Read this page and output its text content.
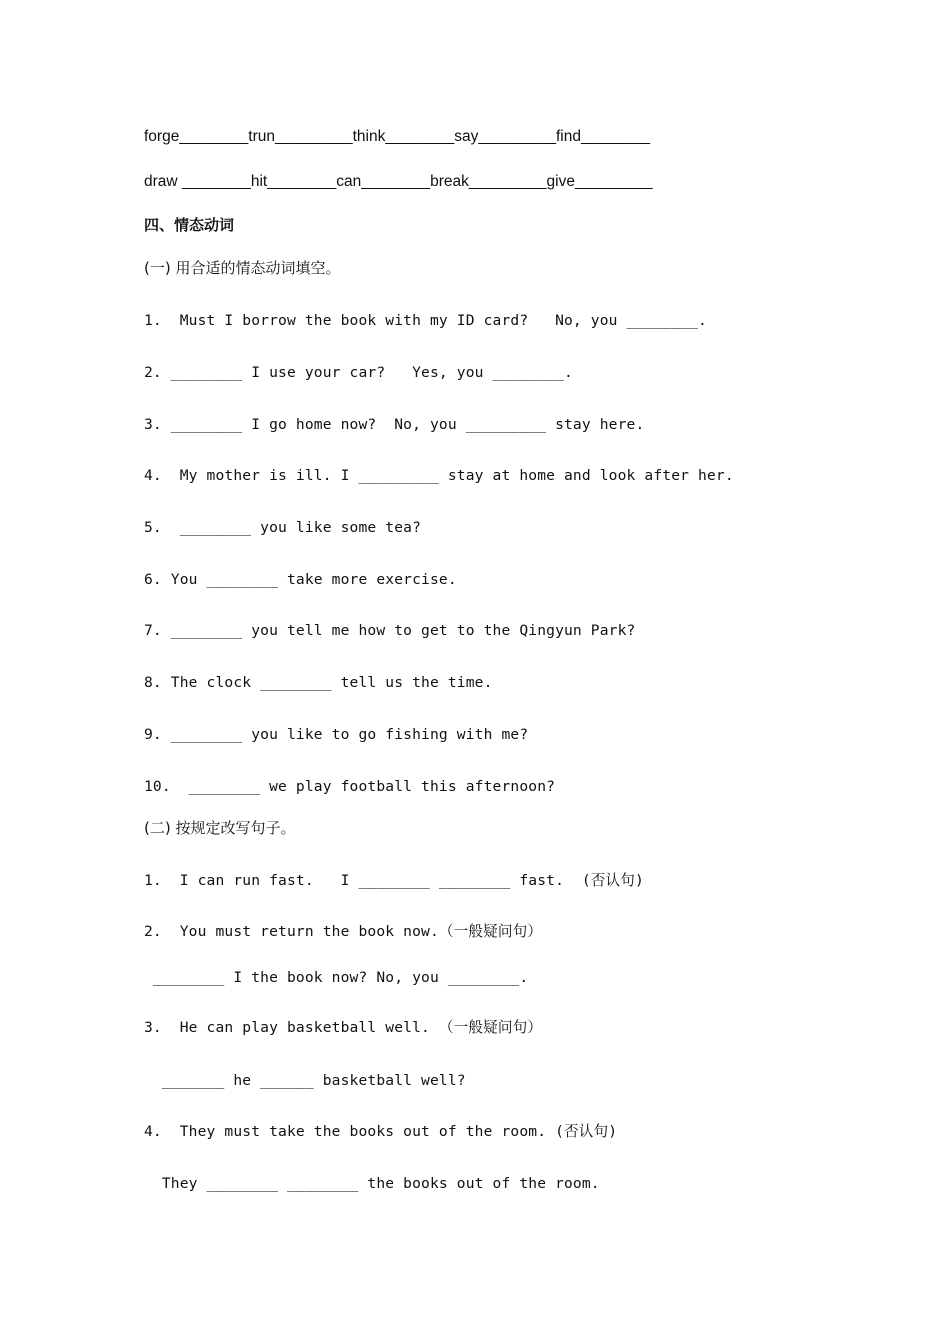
forge________trun_________think________say_________find________
draw ________hit________can________break_________give_________
四、情态动词
(一) 用合适的情态动词填空。
1.  Must I borrow the book with my ID card?   No, you ________.
2. ________ I use your car?   Yes, you ________.
3. ________ I go home now?  No, you _________ stay here.
4.  My mother is ill. I _________ stay at home and look after her.
5.  ________ you like some tea?
6. You ________ take more exercise.
7. ________ you tell me how to get to the Qingyun Park?
8. The clock ________ tell us the time.
9. ________ you like to go fishing with me?
10.  ________ we play football this afternoon?
(二) 按规定改写句子。
1.  I can run fast.   I ________ ________ fast.  (否认句)
2.  You must return the book now.（一般疑问句）
________ I the book now? No, you ________.
3.  He can play basketball well. （一般疑问句）
_______ he ______ basketball well?
4.  They must take the books out of the room. (否认句)
They ________ ________ the books out of the room.
